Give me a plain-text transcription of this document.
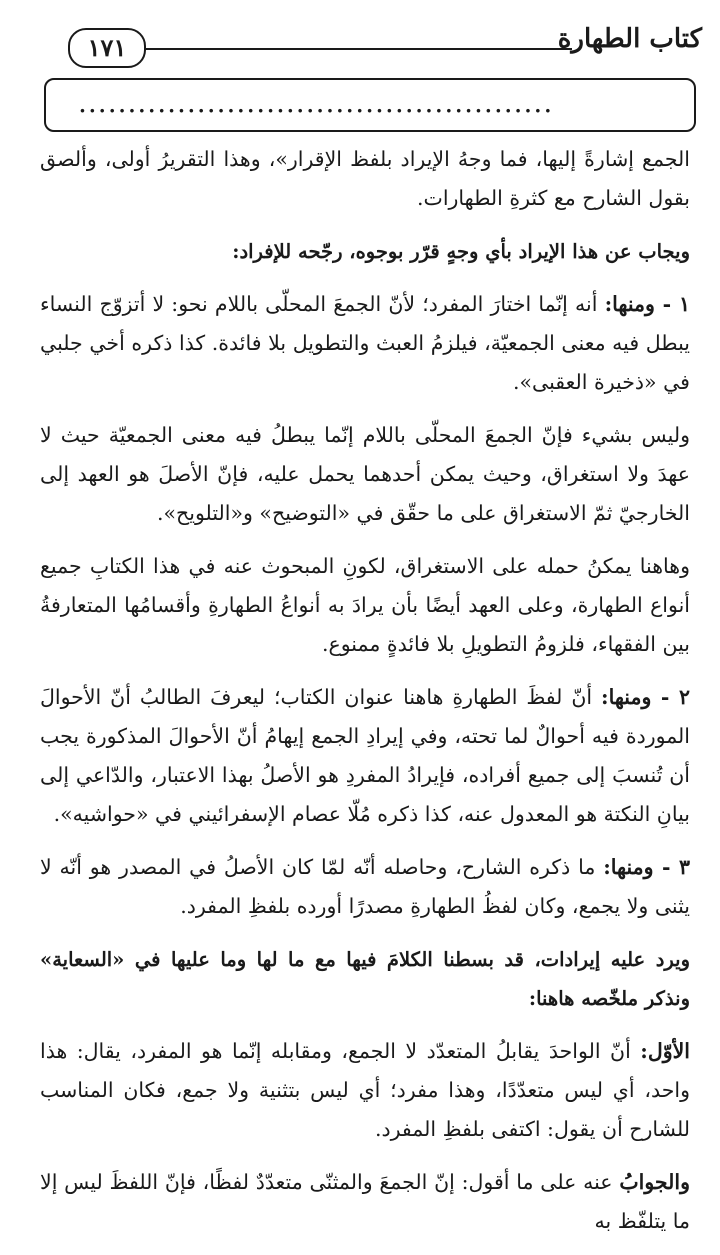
١٧١	كتاب الطهارة
................................................

الجمع إشارةً إليها، فما وجهُ الإيراد بلفظ الإقرار»، وهذا التقريرُ أولى، وألصق بقول الشارح مع كثرةِ الطهارات.

ويجاب عن هذا الإيراد بأي وجهٍ قرّر بوجوه، رجّحه للإفراد:

١ - ومنها: أنه إنّما اختارَ المفرد؛ لأنّ الجمعَ المحلّى باللام نحو: لا أتزوّج النساء يبطل فيه معنى الجمعيّة، فيلزمُ العبث والتطويل بلا فائدة. كذا ذكره أخي جلبي في «ذخيرة العقبى».

وليس بشيء فإنّ الجمعَ المحلّى باللام إنّما يبطلُ فيه معنى الجمعيّة حيث لا عهدَ ولا استغراق، وحيث يمكن أحدهما يحمل عليه، فإنّ الأصلَ هو العهد إلى الخارجيّ ثمّ الاستغراق على ما حقّق في «التوضيح» و«التلويح».

وهاهنا يمكنُ حمله على الاستغراق، لكونِ المبحوث عنه في هذا الكتابِ جميع أنواع الطهارة، وعلى العهد أيضًا بأن يرادَ به أنواعُ الطهارةِ وأقسامُها المتعارفةُ بين الفقهاء، فلزومُ التطويلِ بلا فائدةٍ ممنوع.

٢ - ومنها: أنّ لفظَ الطهارةِ هاهنا عنوان الكتاب؛ ليعرفَ الطالبُ أنّ الأحوالَ الموردة فيه أحوالٌ لما تحته، وفي إيرادِ الجمع إيهامُ أنّ الأحوالَ المذكورة يجب أن تُنسبَ إلى جميع أفراده، فإيرادُ المفردِ هو الأصلُ بهذا الاعتبار، والدّاعي إلى بيانِ النكتة هو المعدول عنه، كذا ذكره مُلّا عصام الإسفرائيني في «حواشيه».

٣ - ومنها: ما ذكره الشارح، وحاصله أنّه لمّا كان الأصلُ في المصدر هو أنّه لا يثنى ولا يجمع، وكان لفظُ الطهارةِ مصدرًا أورده بلفظِ المفرد.

ويرد عليه إيرادات، قد بسطنا الكلامَ فيها مع ما لها وما عليها في «السعاية» ونذكر ملخّصه هاهنا:

الأوّل: أنّ الواحدَ يقابلُ المتعدّد لا الجمع، ومقابله إنّما هو المفرد، يقال: هذا واحد، أي ليس متعدّدًا، وهذا مفرد؛ أي ليس بتثنية ولا جمع، فكان المناسب للشارح أن يقول: اكتفى بلفظِ المفرد.

والجوابُ عنه على ما أقول: إنّ الجمعَ والمثنّى متعدّدٌ لفظًا، فإنّ اللفظَ ليس إلا ما يتلفّظ به
